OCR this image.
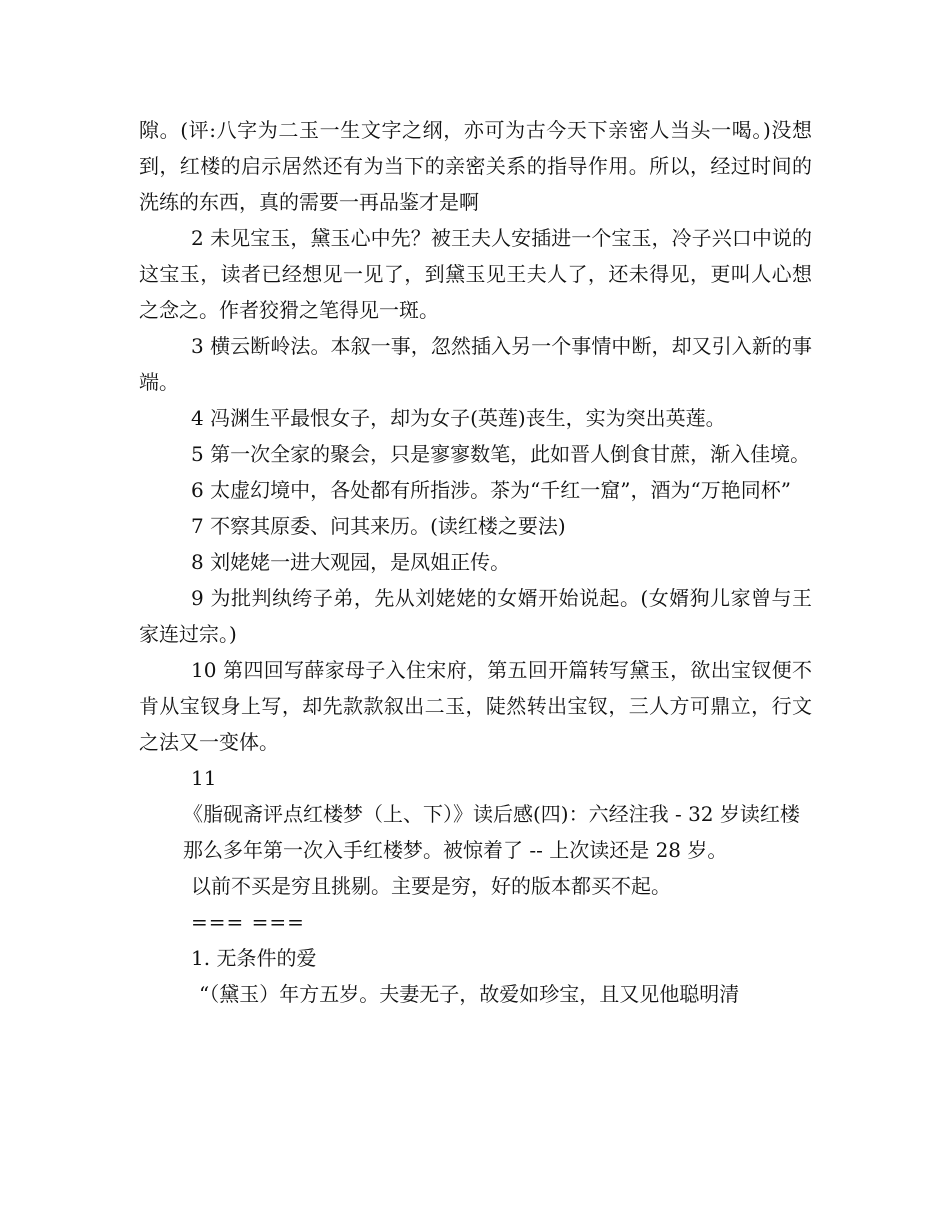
隙。(评:八字为二玉一生文字之纲，亦可为古今天下亲密人当头一喝。)没想到，红楼的启示居然还有为当下的亲密关系的指导作用。所以，经过时间的洗练的东西，真的需要一再品鉴才是啊

2 未见宝玉，黛玉心中先？被王夫人安插进一个宝玉，冷子兴口中说的这宝玉，读者已经想见一见了，到黛玉见王夫人了，还未得见，更叫人心想之念之。作者狡猾之笔得见一斑。

3 横云断岭法。本叙一事，忽然插入另一个事情中断，却又引入新的事端。

4 冯渊生平最恨女子，却为女子(英莲)丧生，实为突出英莲。

5 第一次全家的聚会，只是寥寥数笔，此如晋人倒食甘蔗，渐入佳境。

6 太虚幻境中，各处都有所指涉。茶为“千红一窟”，酒为“万艳同杯”

7 不察其原委、问其来历。(读红楼之要法)

8 刘姥姥一进大观园，是凤姐正传。

9 为批判纨绔子弟，先从刘姥姥的女婿开始说起。(女婿狗儿家曾与王家连过宗。)

10 第四回写薛家母子入住宋府，第五回开篇转写黛玉，欲出宝钗便不肯从宝钗身上写，却先款款叙出二玉，陡然转出宝钗，三人方可鼎立，行文之法又一变体。

11

《脂砚斋评点红楼梦（上、下）》读后感(四)：六经注我 - 32 岁读红楼

那么多年第一次入手红楼梦。被惊着了 -- 上次读还是 28 岁。

以前不买是穷且挑剔。主要是穷，好的版本都买不起。

=== ===

1. 无条件的爱

“（黛玉）年方五岁。夫妻无子，故爱如珍宝，且又见他聪明清
